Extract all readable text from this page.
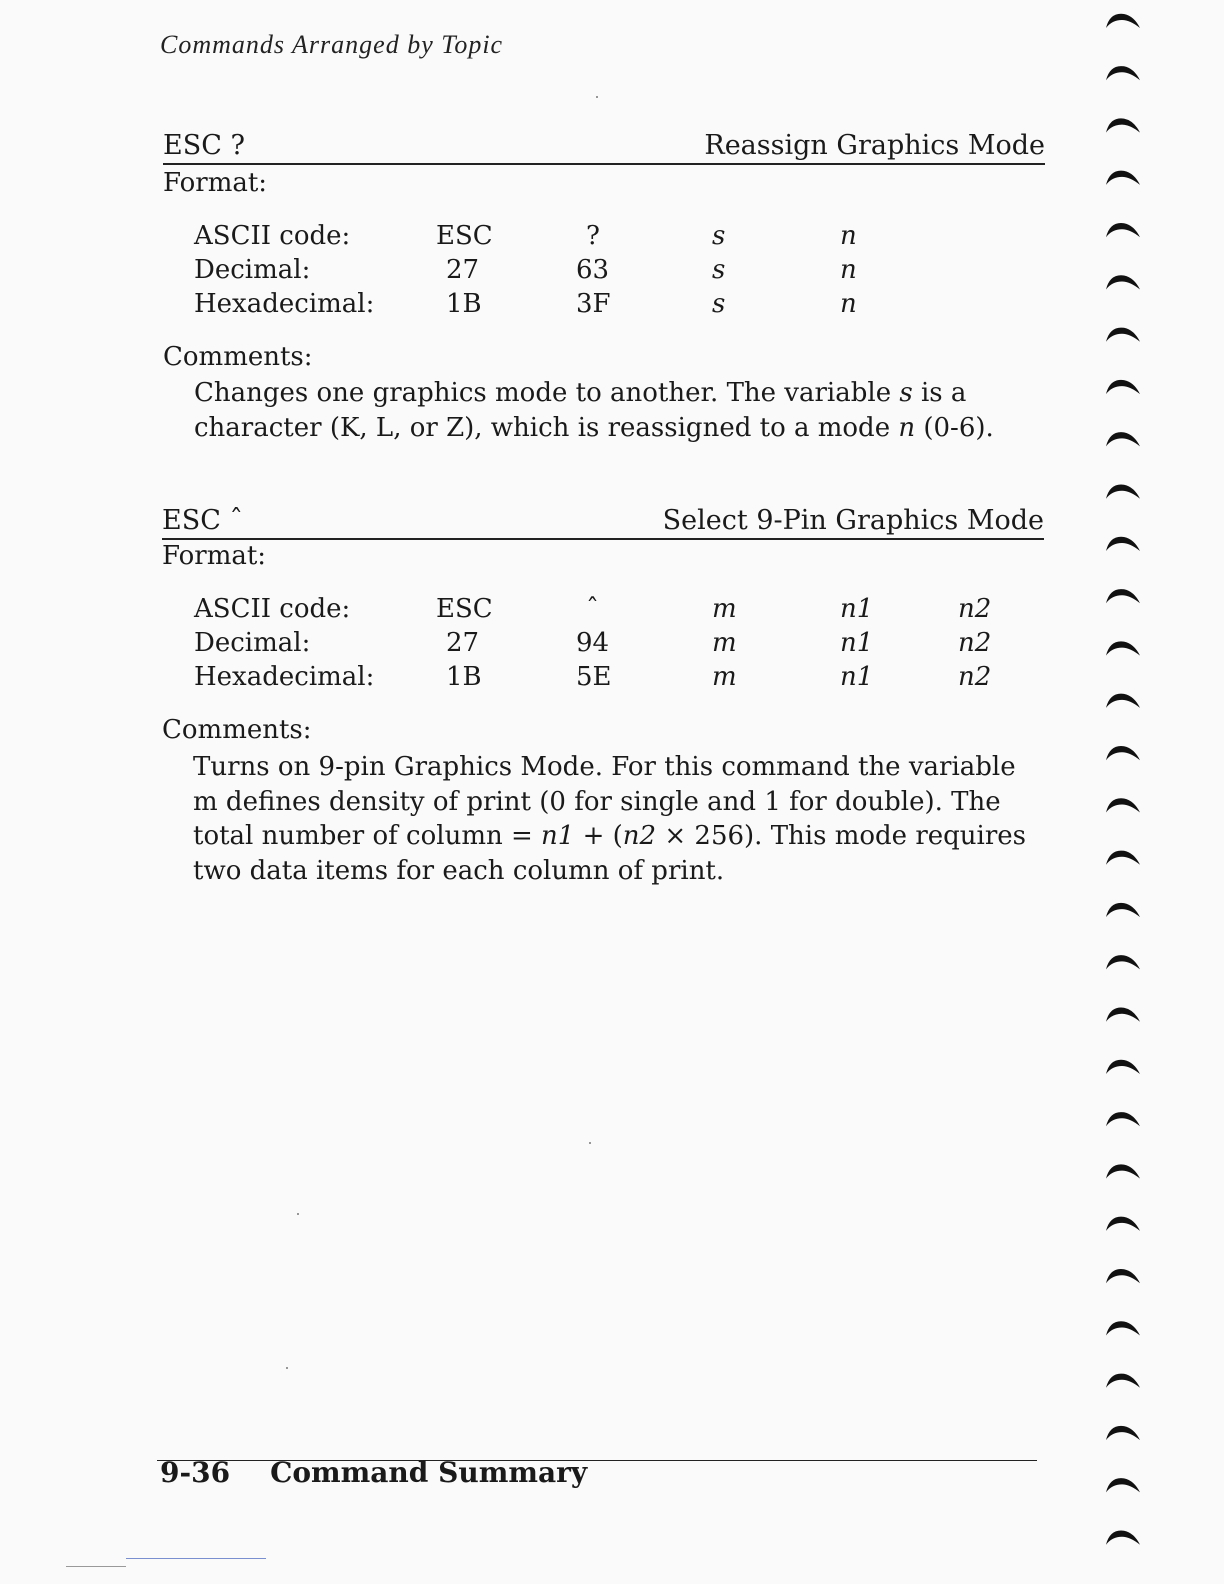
Commands Arranged by Topic
ESC ?	Reassign Graphics Mode
Format:
ASCII code:	ESC	?	s	n
Decimal:	27	63	s	n
Hexadecimal:	1B	3F	s	n
Comments:
Changes one graphics mode to another. The variable s is a character (K, L, or Z), which is reassigned to a mode n (0-6).
ESC ˆ	Select 9-Pin Graphics Mode
Format:
ASCII code:	ESC	ˆ	m	n1	n2
Decimal:	27	94	m	n1	n2
Hexadecimal:	1B	5E	m	n1	n2
Comments:
Turns on 9-pin Graphics Mode. For this command the variable m defines density of print (0 for single and 1 for double). The total number of column = n1 + (n2 × 256). This mode requires two data items for each column of print.
9-36 Command Summary
